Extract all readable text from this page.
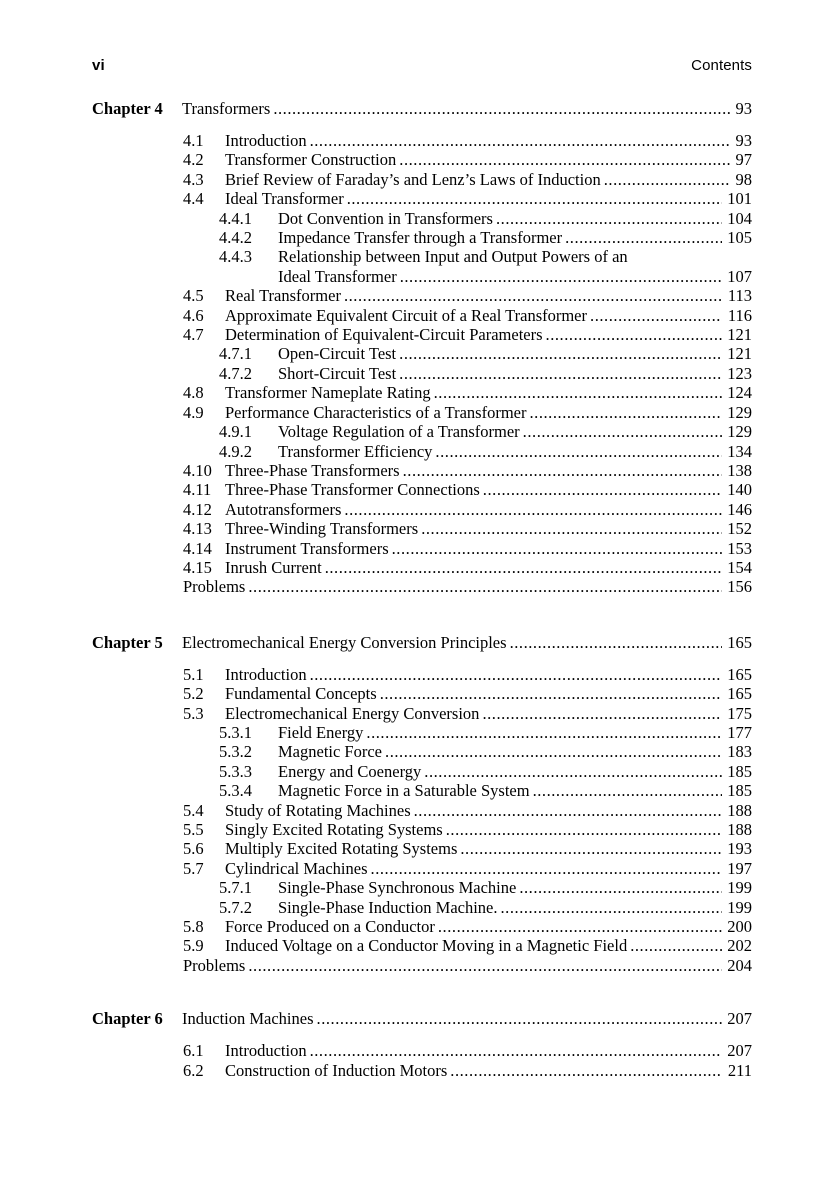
vi	Contents
Chapter 4	Transformers .....	93
4.1	Introduction .....	93
4.2	Transformer Construction .....	97
4.3	Brief Review of Faraday’s and Lenz’s Laws of Induction .....	98
4.4	Ideal Transformer .....	101
4.4.1	Dot Convention in Transformers .....	104
4.4.2	Impedance Transfer through a Transformer .....	105
4.4.3	Relationship between Input and Output Powers of an
Ideal Transformer .....	107
4.5	Real Transformer .....	113
4.6	Approximate Equivalent Circuit of a Real Transformer .....	116
4.7	Determination of Equivalent-Circuit Parameters .....	121
4.7.1	Open-Circuit Test .....	121
4.7.2	Short-Circuit Test .....	123
4.8	Transformer Nameplate Rating .....	124
4.9	Performance Characteristics of a Transformer .....	129
4.9.1	Voltage Regulation of a Transformer .....	129
4.9.2	Transformer Efficiency .....	134
4.10 Three-Phase Transformers .....	138
4.11 Three-Phase Transformer Connections .....	140
4.12 Autotransformers .....	146
4.13 Three-Winding Transformers .....	152
4.14 Instrument Transformers .....	153
4.15 Inrush Current .....	154
Problems .....	156
Chapter 5	Electromechanical Energy Conversion Principles .....	165
5.1	Introduction .....	165
5.2	Fundamental Concepts .....	165
5.3	Electromechanical Energy Conversion .....	175
5.3.1	Field Energy .....	177
5.3.2	Magnetic Force .....	183
5.3.3	Energy and Coenergy .....	185
5.3.4	Magnetic Force in a Saturable System .....	185
5.4	Study of Rotating Machines .....	188
5.5	Singly Excited Rotating Systems .....	188
5.6	Multiply Excited Rotating Systems .....	193
5.7	Cylindrical Machines .....	197
5.7.1	Single-Phase Synchronous Machine .....	199
5.7.2	Single-Phase Induction Machine. .....	199
5.8	Force Produced on a Conductor .....	200
5.9	Induced Voltage on a Conductor Moving in a Magnetic Field .....	202
Problems .....	204
Chapter 6	Induction Machines .....	207
6.1	Introduction .....	207
6.2	Construction of Induction Motors .....	211
